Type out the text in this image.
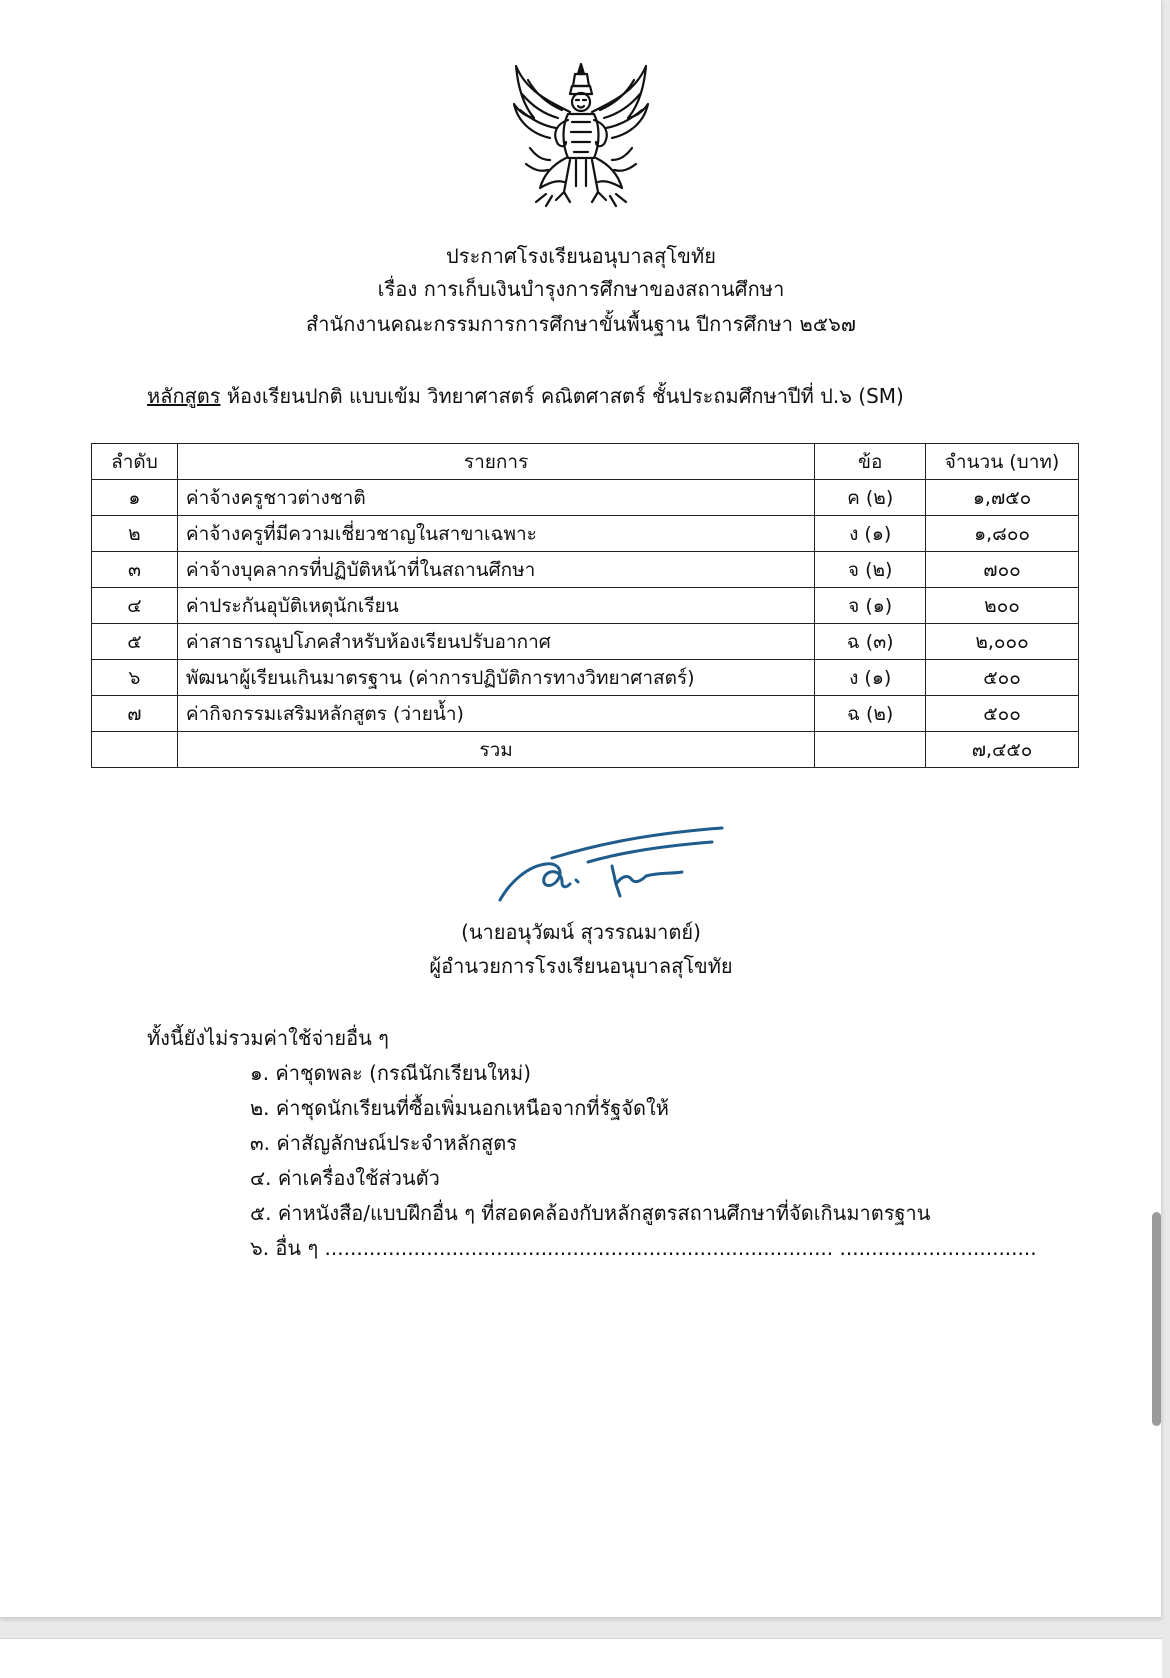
ประกาศโรงเรียนอนุบาลสุโขทัย
เรื่อง การเก็บเงินบำรุงการศึกษาของสถานศึกษา
สำนักงานคณะกรรมการการศึกษาขั้นพื้นฐาน ปีการศึกษา ๒๕๖๗
หลักสูตร ห้องเรียนปกติ แบบเข้ม วิทยาศาสตร์ คณิตศาสตร์ ชั้นประถมศึกษาปีที่ ป.๖ (SM)
ลำดับ	รายการ	ข้อ	จำนวน (บาท)
๑	ค่าจ้างครูชาวต่างชาติ	ค (๒)	๑,๗๕๐
๒	ค่าจ้างครูที่มีความเชี่ยวชาญในสาขาเฉพาะ	ง (๑)	๑,๘๐๐
๓	ค่าจ้างบุคลากรที่ปฏิบัติหน้าที่ในสถานศึกษา	จ (๒)	๗๐๐
๔	ค่าประกันอุบัติเหตุนักเรียน	จ (๑)	๒๐๐
๕	ค่าสาธารณูปโภคสำหรับห้องเรียนปรับอากาศ	ฉ (๓)	๒,๐๐๐
๖	พัฒนาผู้เรียนเกินมาตรฐาน (ค่าการปฏิบัติการทางวิทยาศาสตร์)	ง (๑)	๕๐๐
๗	ค่ากิจกรรมเสริมหลักสูตร (ว่ายน้ำ)	ฉ (๒)	๕๐๐
	รวม		๗,๔๕๐
(นายอนุวัฒน์ สุวรรณมาตย์)
ผู้อำนวยการโรงเรียนอนุบาลสุโขทัย
ทั้งนี้ยังไม่รวมค่าใช้จ่ายอื่น ๆ
๑. ค่าชุดพละ (กรณีนักเรียนใหม่)
๒. ค่าชุดนักเรียนที่ซื้อเพิ่มนอกเหนือจากที่รัฐจัดให้
๓. ค่าสัญลักษณ์ประจำหลักสูตร
๔. ค่าเครื่องใช้ส่วนตัว
๕. ค่าหนังสือ/แบบฝึกอื่น ๆ ที่สอดคล้องกับหลักสูตรสถานศึกษาที่จัดเกินมาตรฐาน
๖. อื่น ๆ ................................................................................ ...............................
